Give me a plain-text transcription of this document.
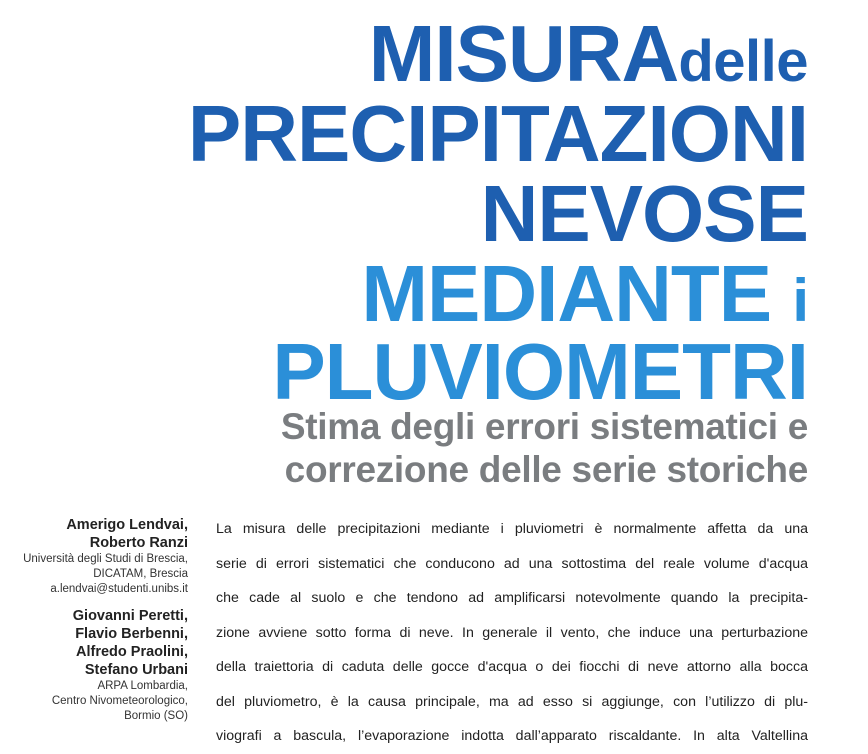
MISURAdelle
PRECIPITAZIONI
NEVOSE
MEDIANTE i
PLUVIOMETRI
Stima degli errori sistematici e
correzione delle serie storiche
Amerigo Lendvai,
Roberto Ranzi
Università degli Studi di Brescia,
DICATAM, Brescia
a.lendvai@studenti.unibs.it
Giovanni Peretti,
Flavio Berbenni,
Alfredo Praolini,
Stefano Urbani
ARPA Lombardia,
Centro Nivometeorologico,
Bormio (SO)
La misura delle precipitazioni mediante i pluviometri è normalmente affetta da una
serie di errori sistematici che conducono ad una sottostima del reale volume d'acqua
che cade al suolo e che tendono ad amplificarsi notevolmente quando la precipita-
zione avviene sotto forma di neve. In generale il vento, che induce una perturbazione
della traiettoria di caduta delle gocce d'acqua o dei fiocchi di neve attorno alla bocca
del pluviometro, è la causa principale, ma ad esso si aggiunge, con l’utilizzo di plu-
viografi a bascula, l’evaporazione indotta dall’apparato riscaldante. In alta Valtellina
